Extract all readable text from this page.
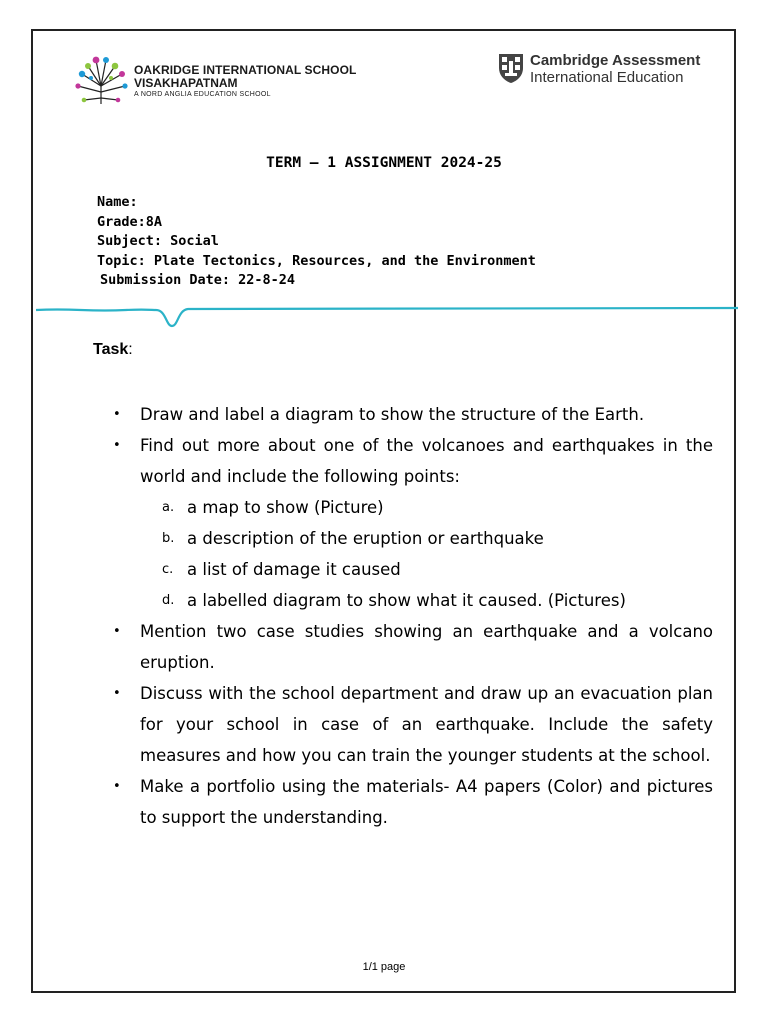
OAKRIDGE INTERNATIONAL SCHOOL
VISAKHAPATNAM
A NORD ANGLIA EDUCATION SCHOOL
Cambridge Assessment
International Education
TERM – 1 ASSIGNMENT 2024-25
Name:
Grade:8A
Subject: Social
Topic: Plate Tectonics, Resources, and the Environment
Submission Date: 22-8-24
Task:
• Draw and label a diagram to show the structure of the Earth.
• Find out more about one of the volcanoes and earthquakes in the world and include the following points:
a. a map to show (Picture)
b. a description of the eruption or earthquake
c. a list of damage it caused
d. a labelled diagram to show what it caused. (Pictures)
• Mention two case studies showing an earthquake and a volcano eruption.
• Discuss with the school department and draw up an evacuation plan for your school in case of an earthquake. Include the safety measures and how you can train the younger students at the school.
• Make a portfolio using the materials- A4 papers (Color) and pictures to support the understanding.
1/1 page
